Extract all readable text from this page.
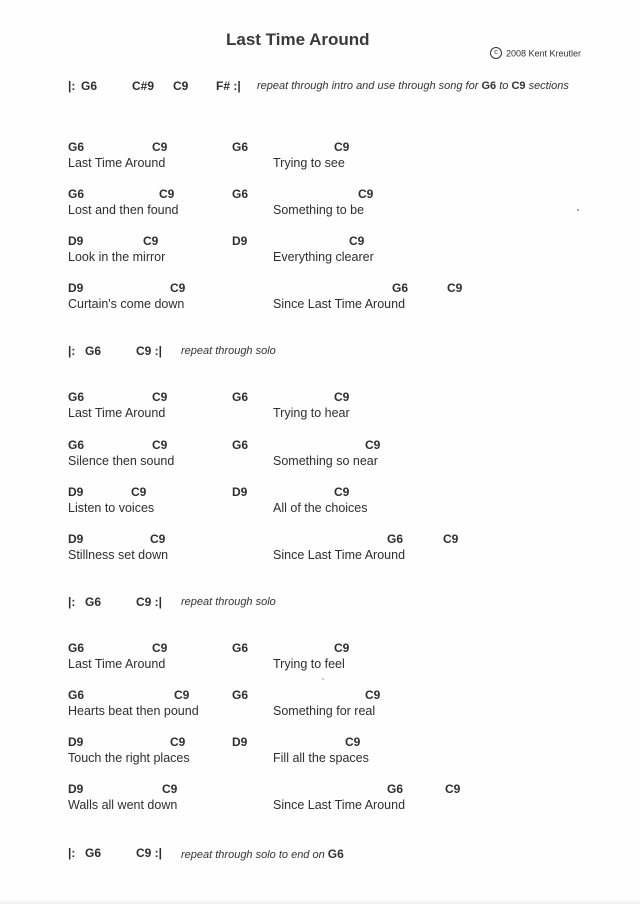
Last Time Around
c 2008 Kent Kreutler
|: G6	C#9 C9 F# :| repeat through intro and use through song for G6 to C9 sections
G6	C9
Last Time Around
G6	C9
Trying to see
G6	C9
Lost and then found
G6	C9
Something to be
D9	C9
Look in the mirror
D9	C9
Everything clearer
D9	C9
Curtain's come down
G6	C9
Since Last Time Around
|: G6	C9 :| repeat through solo
G6	C9
Last Time Around
G6	C9
Trying to hear
G6	C9
Silence then sound
G6	C9
Something so near
D9	C9
Listen to voices
D9	C9
All of the choices
D9	C9
Stillness set down
G6	C9
Since Last Time Around
|: G6	C9 :| repeat through solo
G6	C9
Last Time Around
G6	C9
Trying to feel
G6	C9
Hearts beat then pound
G6	C9
Something for real
D9	C9
Touch the right places
D9	C9
Fill all the spaces
D9	C9
Walls all went down
G6	C9
Since Last Time Around
|: G6	C9 :| repeat through solo to end on G6
